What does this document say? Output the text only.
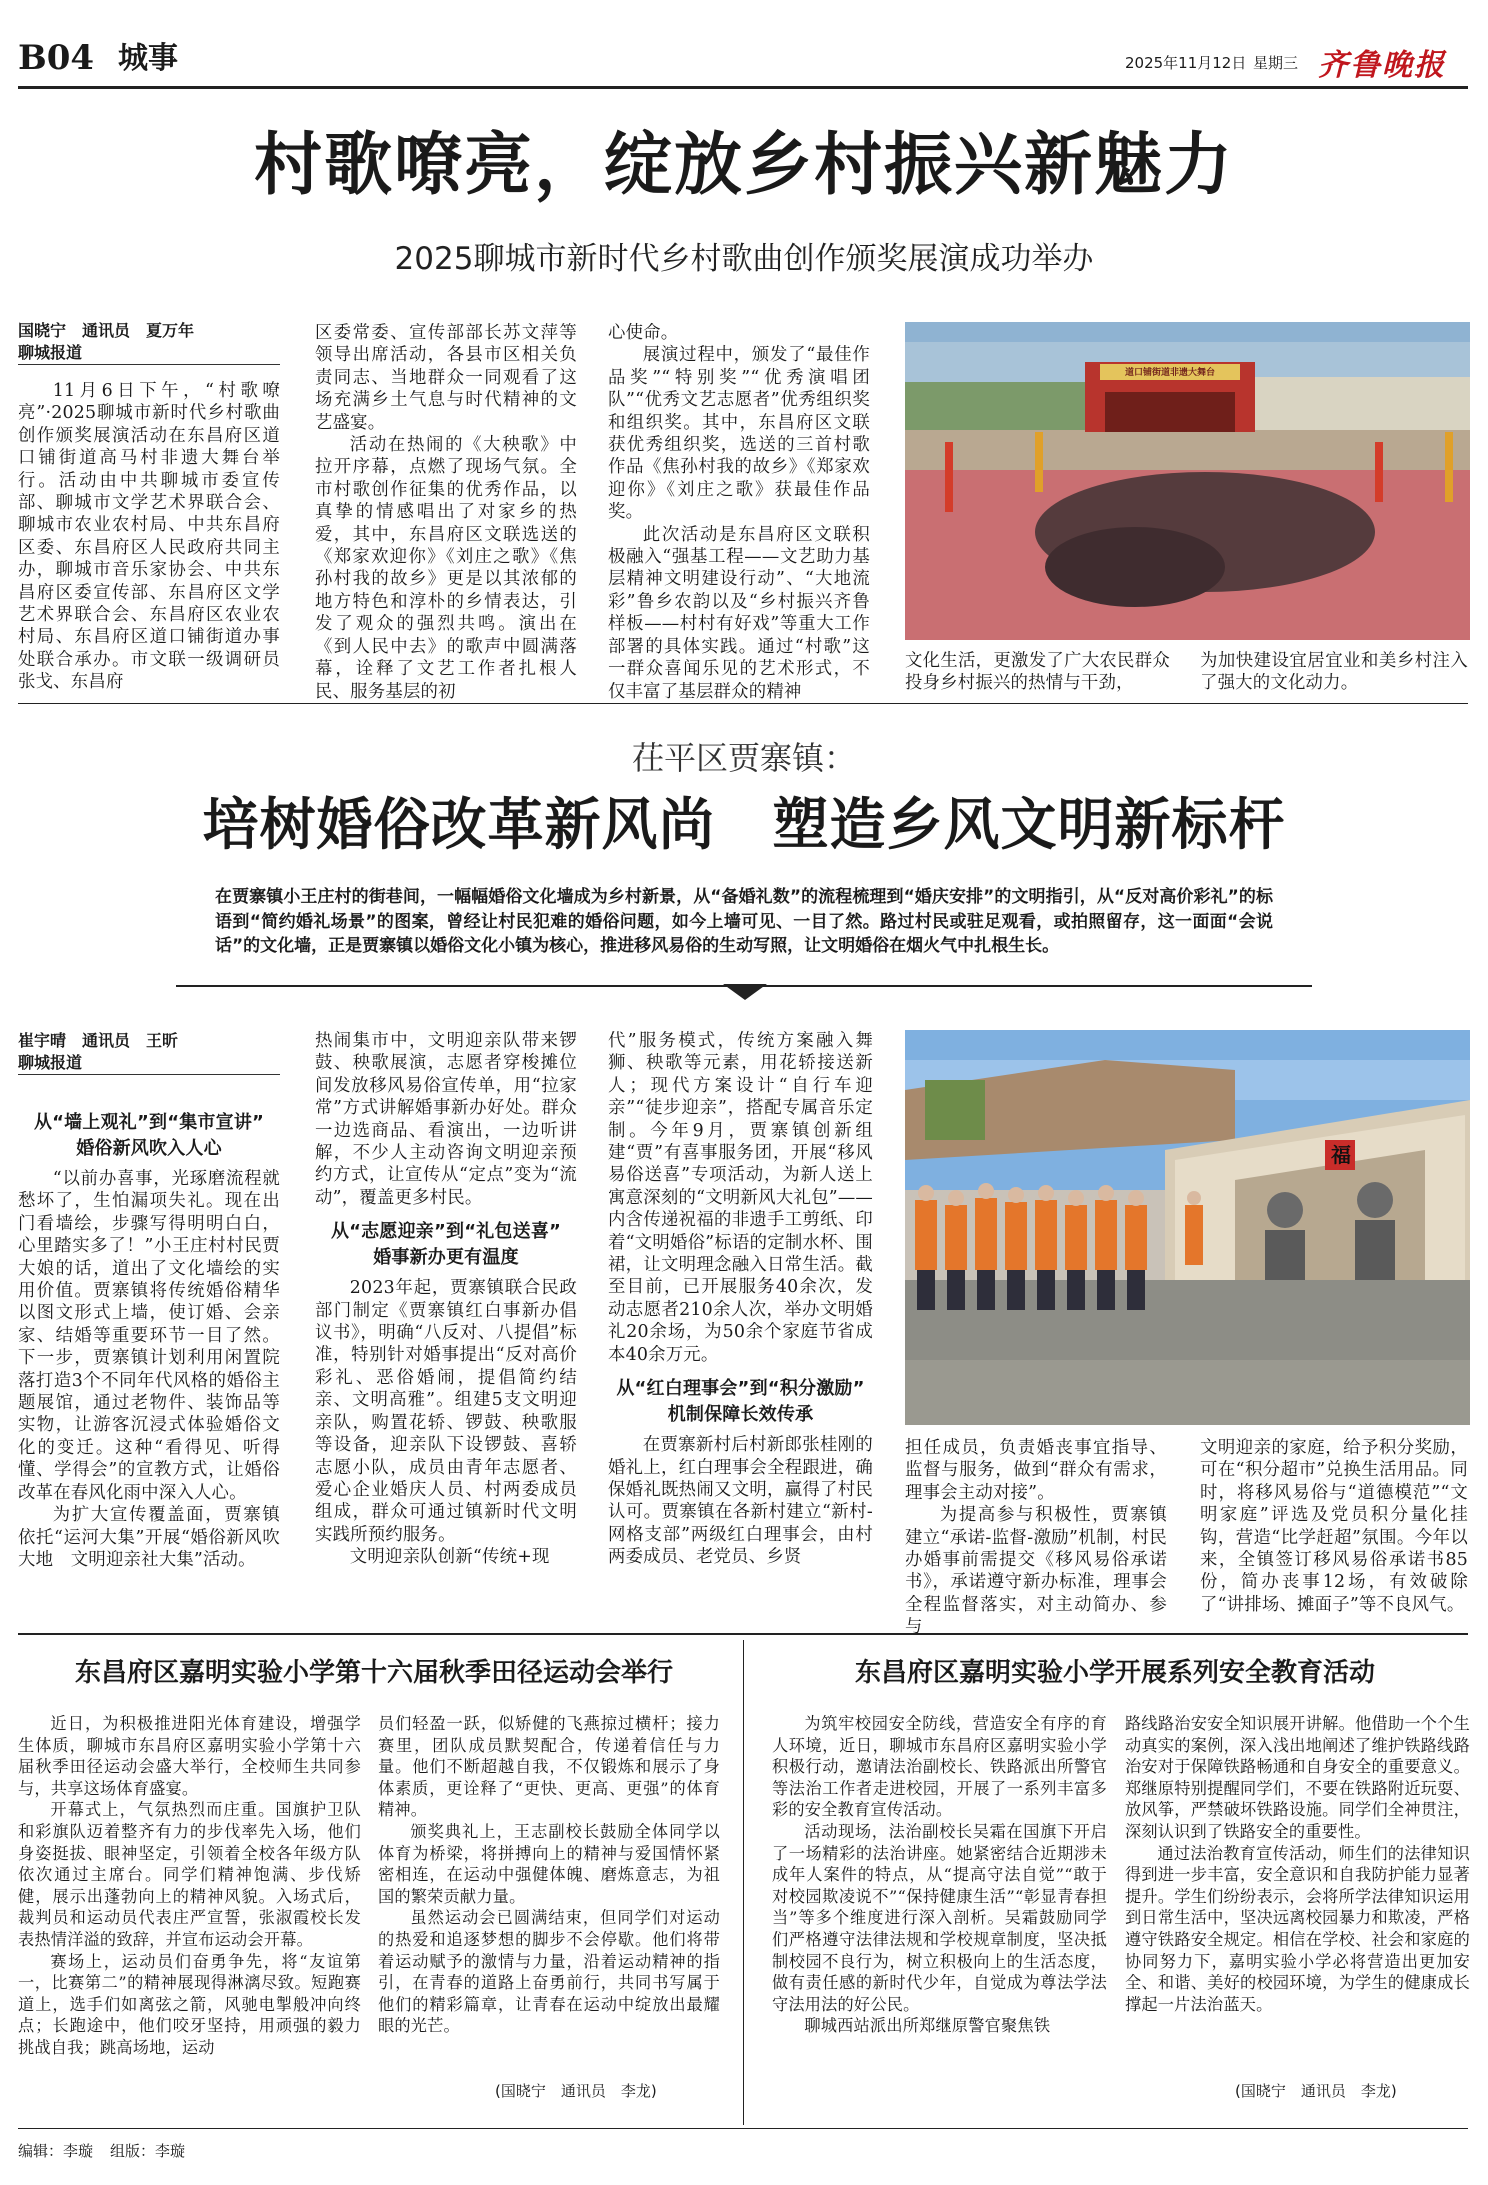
B04 城事	2025年11月12日 星期三 齐鲁晚报
村歌嘹亮，绽放乡村振兴新魅力
2025聊城市新时代乡村歌曲创作颁奖展演成功举办
国晓宁　通讯员　夏万年
聊城报道

11月6日下午，“村歌嘹亮”·2025聊城市新时代乡村歌曲创作颁奖展演活动在东昌府区道口铺街道高马村非遗大舞台举行。活动由中共聊城市委宣传部、聊城市文学艺术界联合会、聊城市农业农村局、中共东昌府区委、东昌府区人民政府共同主办，聊城市音乐家协会、中共东昌府区委宣传部、东昌府区文学艺术界联合会、东昌府区农业农村局、东昌府区道口铺街道办事处联合承办。市文联一级调研员张戈、东昌府

区委常委、宣传部部长苏文萍等领导出席活动，各县市区相关负责同志、当地群众一同观看了这场充满乡土气息与时代精神的文艺盛宴。

活动在热闹的《大秧歌》中拉开序幕，点燃了现场气氛。全市村歌创作征集的优秀作品，以真挚的情感唱出了对家乡的热爱，其中，东昌府区文联选送的《郑家欢迎你》《刘庄之歌》《焦孙村我的故乡》更是以其浓郁的地方特色和淳朴的乡情表达，引发了观众的强烈共鸣。演出在《到人民中去》的歌声中圆满落幕，诠释了文艺工作者扎根人民、服务基层的初

心使命。

展演过程中，颁发了“最佳作品奖”“特别奖”“优秀演唱团队”“优秀文艺志愿者”优秀组织奖和组织奖。其中，东昌府区文联获优秀组织奖，选送的三首村歌作品《焦孙村我的故乡》《郑家欢迎你》《刘庄之歌》获最佳作品奖。

此次活动是东昌府区文联积极融入“强基工程——文艺助力基层精神文明建设行动”、“大地流彩”鲁乡农韵以及“乡村振兴齐鲁样板——村村有好戏”等重大工作部署的具体实践。通过“村歌”这一群众喜闻乐见的艺术形式，不仅丰富了基层群众的精神

道口铺街道非遗大舞台

文化生活，更激发了广大农民群众投身乡村振兴的热情与干劲，

为加快建设宜居宜业和美乡村注入了强大的文化动力。

茌平区贾寨镇：
培树婚俗改革新风尚　塑造乡风文明新标杆
在贾寨镇小王庄村的街巷间，一幅幅婚俗文化墙成为乡村新景，从“备婚礼数”的流程梳理到“婚庆安排”的文明指引，从“反对高价彩礼”的标语到“简约婚礼场景”的图案，曾经让村民犯难的婚俗问题，如今上墙可见、一目了然。路过村民或驻足观看，或拍照留存，这一面面“会说话”的文化墙，正是贾寨镇以婚俗文化小镇为核心，推进移风易俗的生动写照，让文明婚俗在烟火气中扎根生长。
崔宇晴　通讯员　王昕
聊城报道
从“墙上观礼”到“集市宣讲”
婚俗新风吹入人心

“以前办喜事，光琢磨流程就愁坏了，生怕漏项失礼。现在出门看墙绘，步骤写得明明白白，心里踏实多了！”小王庄村村民贾大娘的话，道出了文化墙绘的实用价值。贾寨镇将传统婚俗精华以图文形式上墙，使订婚、会亲家、结婚等重要环节一目了然。下一步，贾寨镇计划利用闲置院落打造3个不同年代风格的婚俗主题展馆，通过老物件、装饰品等实物，让游客沉浸式体验婚俗文化的变迁。这种“看得见、听得懂、学得会”的宣教方式，让婚俗改革在春风化雨中深入人心。

为扩大宣传覆盖面，贾寨镇依托“运河大集”开展“婚俗新风吹大地　文明迎亲社大集”活动。

热闹集市中，文明迎亲队带来锣鼓、秧歌展演，志愿者穿梭摊位间发放移风易俗宣传单，用“拉家常”方式讲解婚事新办好处。群众一边选商品、看演出，一边听讲解，不少人主动咨询文明迎亲预约方式，让宣传从“定点”变为“流动”，覆盖更多村民。

从“志愿迎亲”到“礼包送喜”
婚事新办更有温度

2023年起，贾寨镇联合民政部门制定《贾寨镇红白事新办倡议书》，明确“八反对、八提倡”标准，特别针对婚事提出“反对高价彩礼、恶俗婚闹，提倡简约结亲、文明高雅”。组建5支文明迎亲队，购置花轿、锣鼓、秧歌服等设备，迎亲队下设锣鼓、喜轿志愿小队，成员由青年志愿者、爱心企业婚庆人员、村两委成员组成，群众可通过镇新时代文明实践所预约服务。

文明迎亲队创新“传统+现

代”服务模式，传统方案融入舞狮、秧歌等元素，用花轿接送新人；现代方案设计“自行车迎亲”“徒步迎亲”，搭配专属音乐定制。今年9月，贾寨镇创新组建“贾”有喜事服务团，开展“移风易俗送喜”专项活动，为新人送上寓意深刻的“文明新风大礼包”——内含传递祝福的非遗手工剪纸、印着“文明婚俗”标语的定制水杯、围裙，让文明理念融入日常生活。截至目前，已开展服务40余次，发动志愿者210余人次，举办文明婚礼20余场，为50余个家庭节省成本40余万元。

从“红白理事会”到“积分激励”
机制保障长效传承

在贾寨新村后村新郎张桂刚的婚礼上，红白理事会全程跟进，确保婚礼既热闹又文明，赢得了村民认可。贾寨镇在各新村建立“新村-网格支部”两级红白理事会，由村两委成员、老党员、乡贤

福

担任成员，负责婚丧事宜指导、监督与服务，做到“群众有需求，理事会主动对接”。

为提高参与积极性，贾寨镇建立“承诺-监督-激励”机制，村民办婚事前需提交《移风易俗承诺书》，承诺遵守新办标准，理事会全程监督落实，对主动简办、参与

文明迎亲的家庭，给予积分奖励，可在“积分超市”兑换生活用品。同时，将移风易俗与“道德模范”“文明家庭”评选及党员积分量化挂钩，营造“比学赶超”氛围。今年以来，全镇签订移风易俗承诺书85份，简办丧事12场，有效破除了“讲排场、摊面子”等不良风气。

东昌府区嘉明实验小学第十六届秋季田径运动会举行

近日，为积极推进阳光体育建设，增强学生体质，聊城市东昌府区嘉明实验小学第十六届秋季田径运动会盛大举行，全校师生共同参与，共享这场体育盛宴。

开幕式上，气氛热烈而庄重。国旗护卫队和彩旗队迈着整齐有力的步伐率先入场，他们身姿挺拔、眼神坚定，引领着全校各年级方队依次通过主席台。同学们精神饱满、步伐矫健，展示出蓬勃向上的精神风貌。入场式后，裁判员和运动员代表庄严宣誓，张淑霞校长发表热情洋溢的致辞，并宣布运动会开幕。

赛场上，运动员们奋勇争先，将“友谊第一，比赛第二”的精神展现得淋漓尽致。短跑赛道上，选手们如离弦之箭，风驰电掣般冲向终点；长跑途中，他们咬牙坚持，用顽强的毅力挑战自我；跳高场地，运动

员们轻盈一跃，似矫健的飞燕掠过横杆；接力赛里，团队成员默契配合，传递着信任与力量。他们不断超越自我，不仅锻炼和展示了身体素质，更诠释了“更快、更高、更强”的体育精神。

颁奖典礼上，王志副校长鼓励全体同学以体育为桥梁，将拼搏向上的精神与爱国情怀紧密相连，在运动中强健体魄、磨炼意志，为祖国的繁荣贡献力量。

虽然运动会已圆满结束，但同学们对运动的热爱和追逐梦想的脚步不会停歇。他们将带着运动赋予的激情与力量，沿着运动精神的指引，在青春的道路上奋勇前行，共同书写属于他们的精彩篇章，让青春在运动中绽放出最耀眼的光芒。

(国晓宁　通讯员　李龙)
东昌府区嘉明实验小学开展系列安全教育活动

为筑牢校园安全防线，营造安全有序的育人环境，近日，聊城市东昌府区嘉明实验小学积极行动，邀请法治副校长、铁路派出所警官等法治工作者走进校园，开展了一系列丰富多彩的安全教育宣传活动。

活动现场，法治副校长吴霜在国旗下开启了一场精彩的法治讲座。她紧密结合近期涉未成年人案件的特点，从“提高守法自觉”“敢于对校园欺凌说不”“保持健康生活”“彰显青春担当”等多个维度进行深入剖析。吴霜鼓励同学们严格遵守法律法规和学校规章制度，坚决抵制校园不良行为，树立积极向上的生活态度，做有责任感的新时代少年，自觉成为尊法学法守法用法的好公民。

聊城西站派出所郑继原警官聚焦铁

路线路治安安全知识展开讲解。他借助一个个生动真实的案例，深入浅出地阐述了维护铁路线路治安对于保障铁路畅通和自身安全的重要意义。郑继原特别提醒同学们，不要在铁路附近玩耍、放风筝，严禁破坏铁路设施。同学们全神贯注，深刻认识到了铁路安全的重要性。

通过法治教育宣传活动，师生们的法律知识得到进一步丰富，安全意识和自我防护能力显著提升。学生们纷纷表示，会将所学法律知识运用到日常生活中，坚决远离校园暴力和欺凌，严格遵守铁路安全规定。相信在学校、社会和家庭的协同努力下，嘉明实验小学必将营造出更加安全、和谐、美好的校园环境，为学生的健康成长撑起一片法治蓝天。

(国晓宁　通讯员　李龙)
编辑：李璇 组版：李璇
